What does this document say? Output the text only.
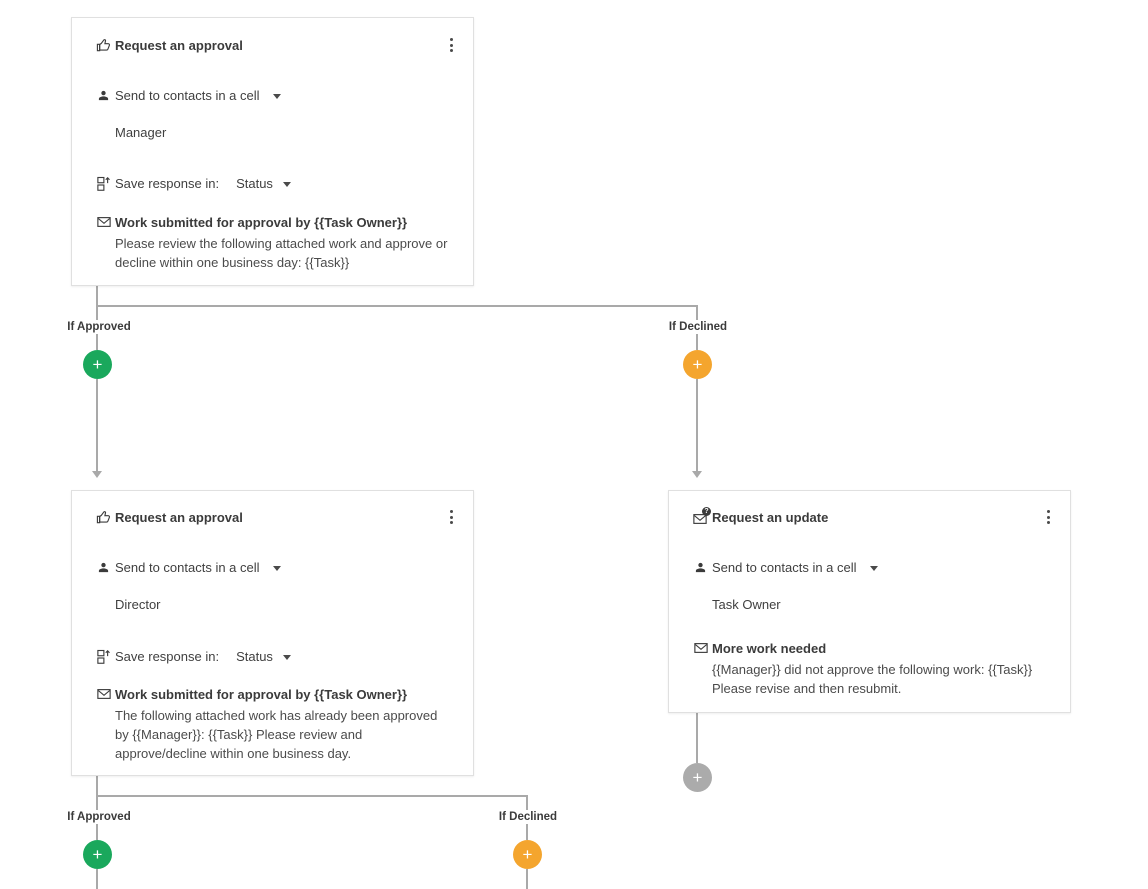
If Approved	If Declined
+	+
If Approved	If Declined
+	+
+
Request an approval
Send to contacts in a cell
Manager
Save response in: Status
Work submitted for approval by {{Task Owner}}
Please review the following attached work and approve or decline within one business day: {{Task}}
Request an approval
Send to contacts in a cell
Director
Save response in: Status
Work submitted for approval by {{Task Owner}}
The following attached work has already been approved by {{Manager}}: {{Task}} Please review and approve/decline within one business day.
? Request an update
Send to contacts in a cell
Task Owner
More work needed
{{Manager}} did not approve the following work: {{Task}} Please revise and then resubmit.
